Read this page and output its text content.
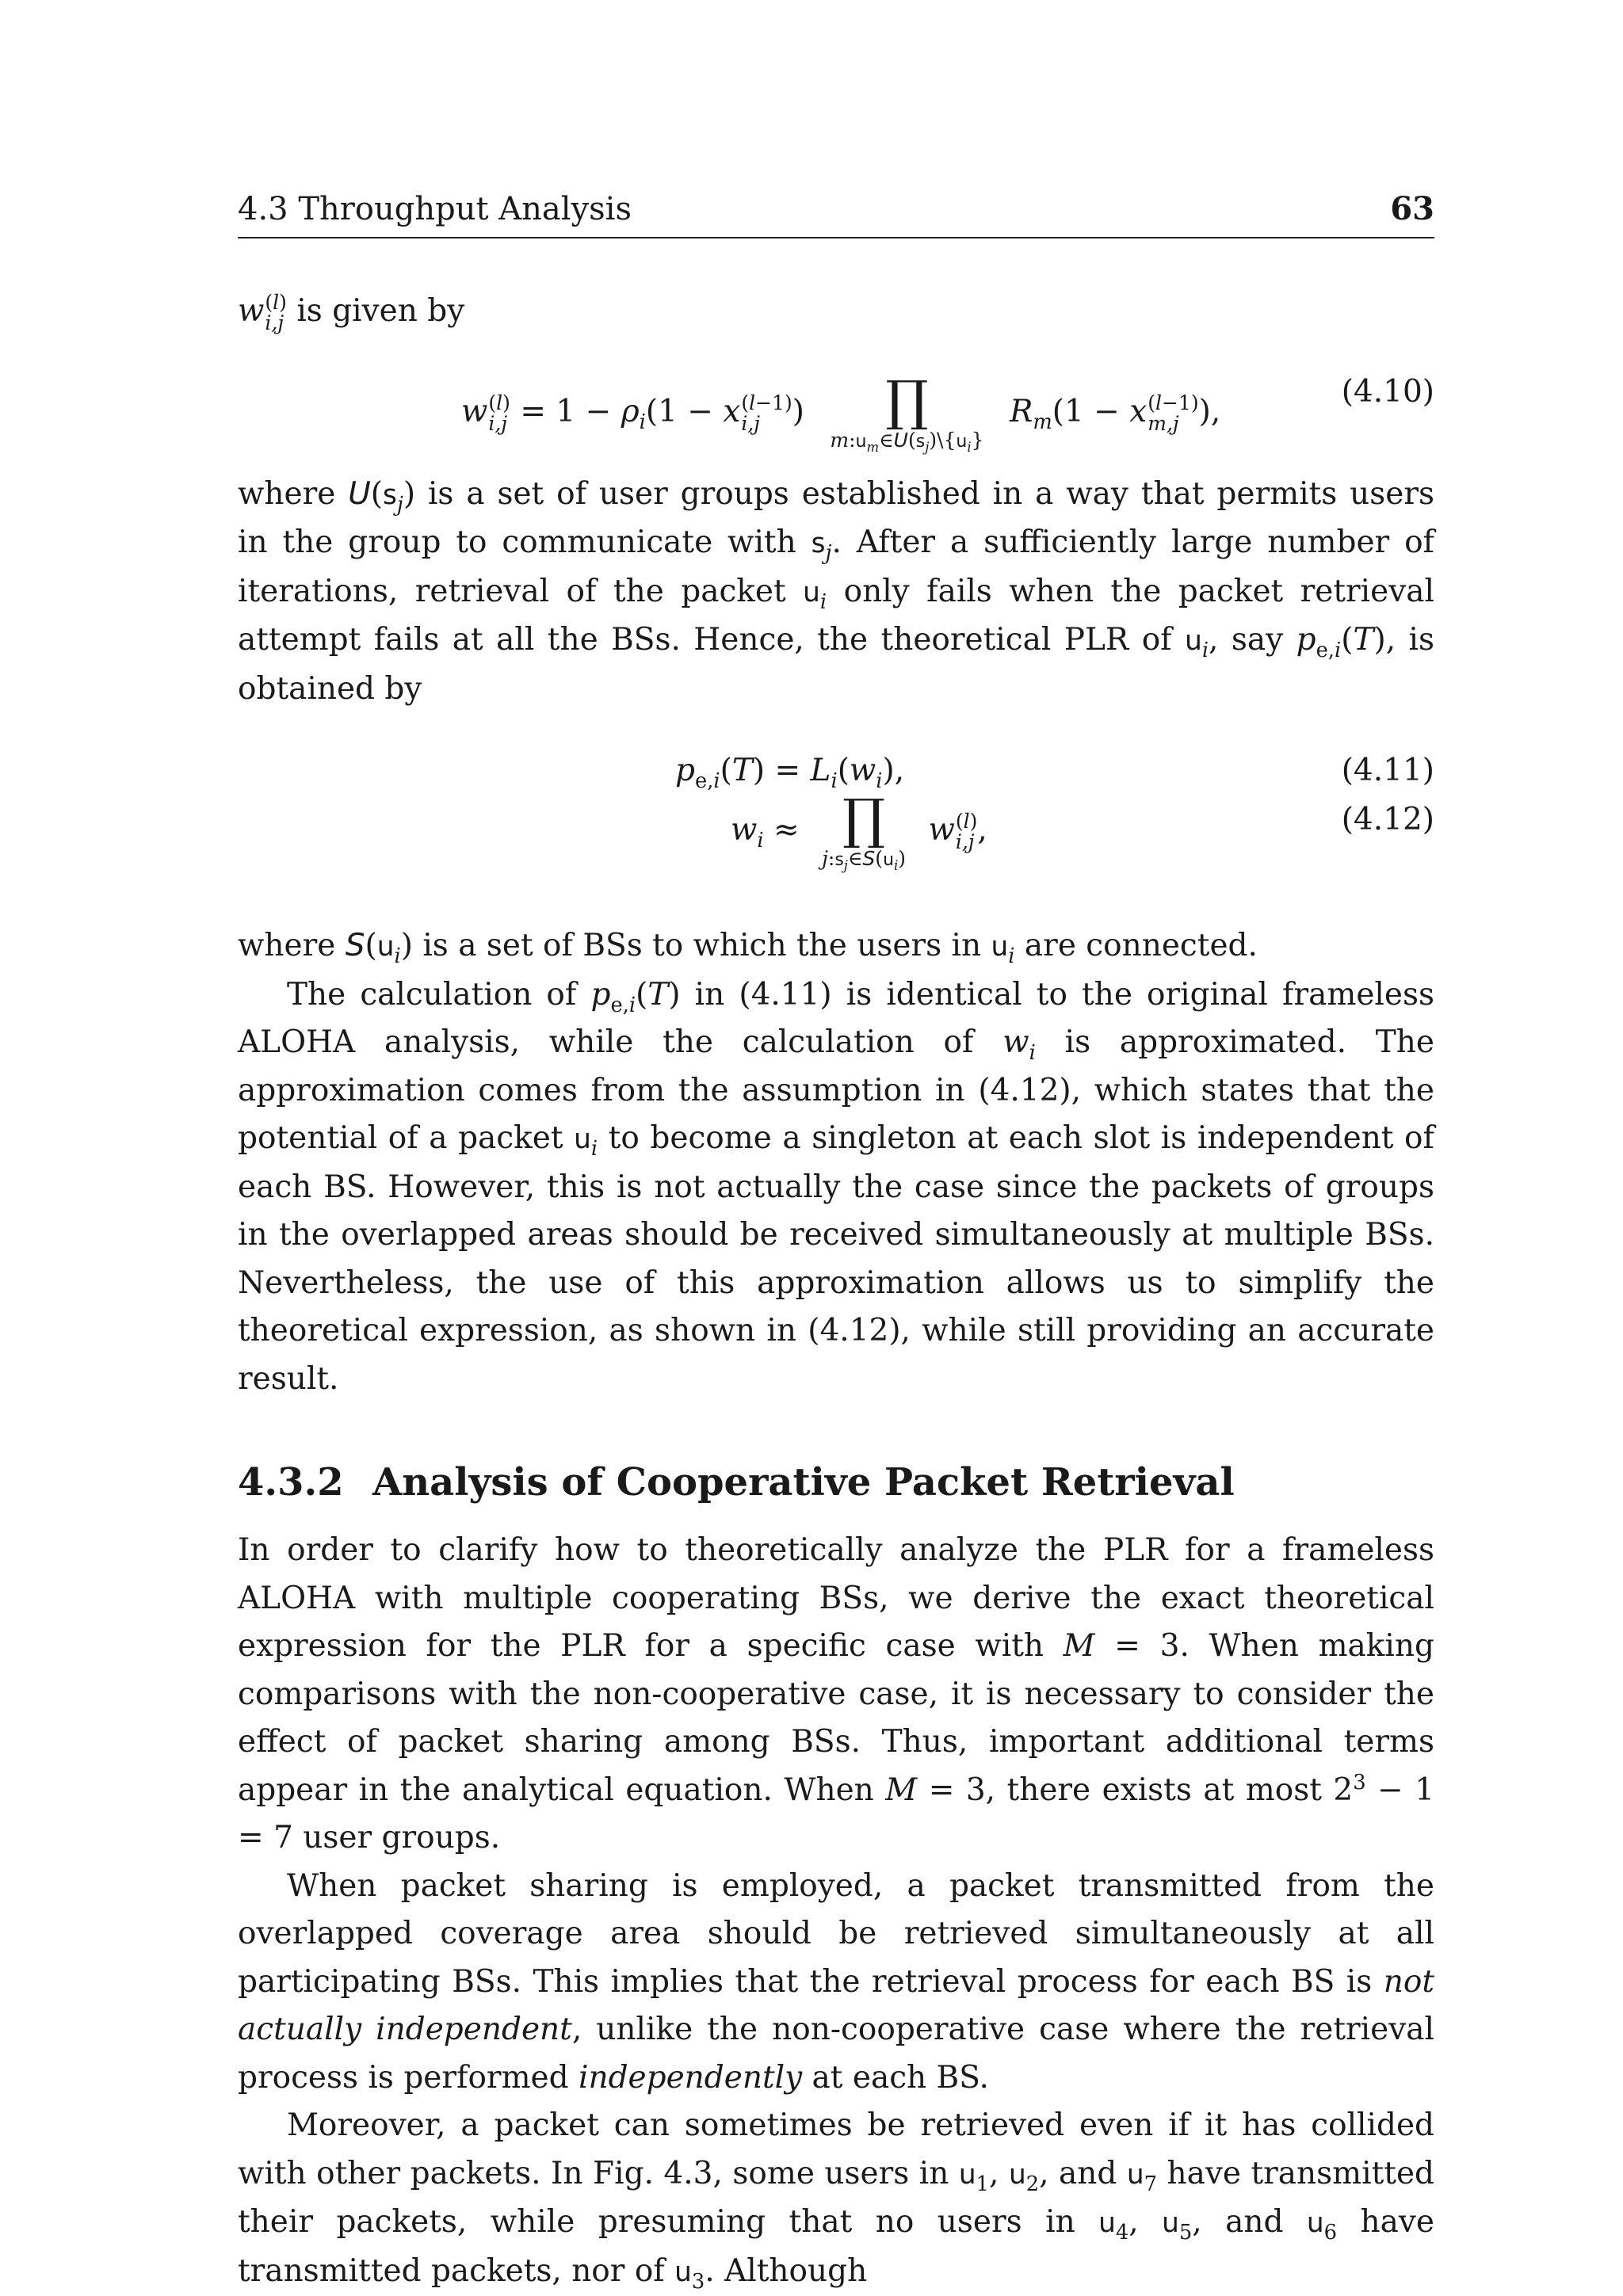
4.3 Throughput Analysis	63

w (l)
i,j is given by

w (l)
$i,j = 1 - \rho_i(1 - x$ (l−1)
i,j	)	∏
$m:u_m\in U(s_j)\backslash\{u_i\}$
$R_m(1 - x$ (l−1)
m,j ),
(4.10)

where $U(s_j)$ is a set of user groups established in a way that permits users in the group to communicate with $s_j$. After a sufficiently large number of iterations, retrieval of the packet $u_i$ only fails when the packet retrieval attempt fails at all the BSs. Hence, the theoretical PLR of $u_i$, say $p_{e,i}(T)$, is obtained by

$p_{e,i}(T) = L_i(w_i)$,	(4.11)
$w_i$ ≈ ∏
$j:s_j\in S(u_i)$
w (l)
i,j ,	(4.12)

where $S(u_i)$ is a set of BSs to which the users in $u_i$ are connected.

The calculation of $p_{e,i}(T)$ in (4.11) is identical to the original frameless ALOHA analysis, while the calculation of $w_i$ is approximated. The approximation comes from the assumption in (4.12), which states that the potential of a packet $u_i$ to become a singleton at each slot is independent of each BS. However, this is not actually the case since the packets of groups in the overlapped areas should be received simultaneously at multiple BSs. Nevertheless, the use of this approximation allows us to simplify the theoretical expression, as shown in (4.12), while still providing an accurate result.

4.3.2 Analysis of Cooperative Packet Retrieval

In order to clarify how to theoretically analyze the PLR for a frameless ALOHA with multiple cooperating BSs, we derive the exact theoretical expression for the PLR for a specific case with M = 3. When making comparisons with the non-cooperative case, it is necessary to consider the effect of packet sharing among BSs. Thus, important additional terms appear in the analytical equation. When M = 3, there exists at most $2^3 - 1 = 7$ user groups.

When packet sharing is employed, a packet transmitted from the overlapped coverage area should be retrieved simultaneously at all participating BSs. This implies that the retrieval process for each BS is not actually independent, unlike the non-cooperative case where the retrieval process is performed independently at each BS.

Moreover, a packet can sometimes be retrieved even if it has collided with other packets. In Fig. 4.3, some users in $u_1$, $u_2$, and $u_7$ have transmitted their packets, while presuming that no users in $u_4$, $u_5$, and $u_6$ have transmitted packets, nor of $u_3$. Although
